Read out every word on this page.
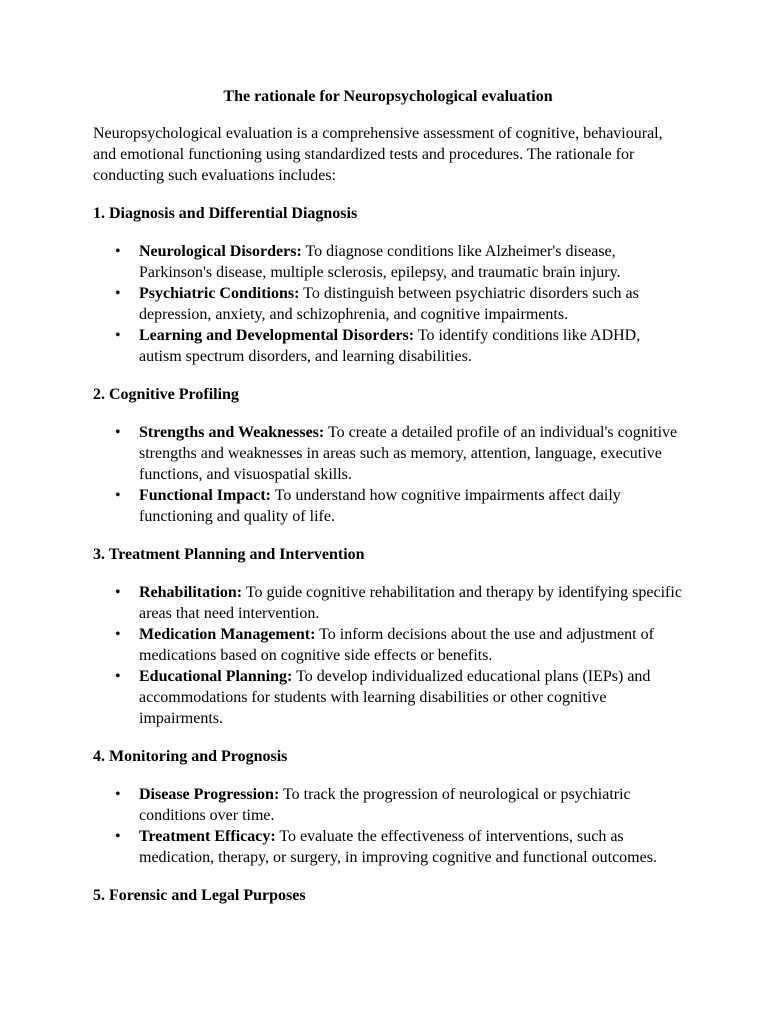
The rationale for Neuropsychological evaluation
Neuropsychological evaluation is a comprehensive assessment of cognitive, behavioural, and emotional functioning using standardized tests and procedures. The rationale for conducting such evaluations includes:
1. Diagnosis and Differential Diagnosis
• Neurological Disorders: To diagnose conditions like Alzheimer's disease, Parkinson's disease, multiple sclerosis, epilepsy, and traumatic brain injury.
• Psychiatric Conditions: To distinguish between psychiatric disorders such as depression, anxiety, and schizophrenia, and cognitive impairments.
• Learning and Developmental Disorders: To identify conditions like ADHD, autism spectrum disorders, and learning disabilities.
2. Cognitive Profiling
• Strengths and Weaknesses: To create a detailed profile of an individual's cognitive strengths and weaknesses in areas such as memory, attention, language, executive functions, and visuospatial skills.
• Functional Impact: To understand how cognitive impairments affect daily functioning and quality of life.
3. Treatment Planning and Intervention
• Rehabilitation: To guide cognitive rehabilitation and therapy by identifying specific areas that need intervention.
• Medication Management: To inform decisions about the use and adjustment of medications based on cognitive side effects or benefits.
• Educational Planning: To develop individualized educational plans (IEPs) and accommodations for students with learning disabilities or other cognitive impairments.
4. Monitoring and Prognosis
• Disease Progression: To track the progression of neurological or psychiatric conditions over time.
• Treatment Efficacy: To evaluate the effectiveness of interventions, such as medication, therapy, or surgery, in improving cognitive and functional outcomes.
5. Forensic and Legal Purposes
